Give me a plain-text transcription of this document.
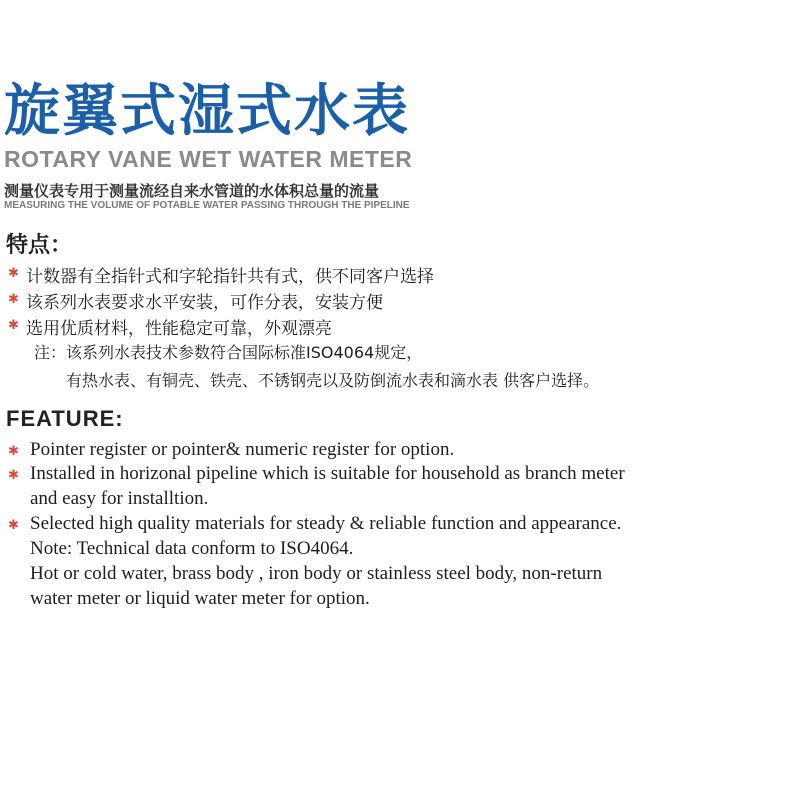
旋翼式湿式水表
ROTARY VANE WET WATER METER
测量仪表专用于测量流经自来水管道的水体积总量的流量
MEASURING THE VOLUME OF POTABLE WATER PASSING THROUGH THE PIPELINE
特点：
✱ 计数器有全指针式和字轮指针共有式，供不同客户选择
✱ 该系列水表要求水平安装，可作分表，安装方便
✱ 选用优质材料，性能稳定可靠，外观漂亮
注：该系列水表技术参数符合国际标准ISO4064规定，
有热水表、有铜壳、铁壳、不锈钢壳以及防倒流水表和滴水表 供客户选择。
FEATURE:
✱ Pointer register or pointer& numeric register for option.
✱ Installed in horizonal pipeline which is suitable for household as branch meter
and easy for installtion.
✱ Selected high quality materials for steady & reliable function and appearance.
Note: Technical data conform to ISO4064.
Hot or cold water, brass body , iron body or stainless steel body, non-return
water meter or liquid water meter for option.
